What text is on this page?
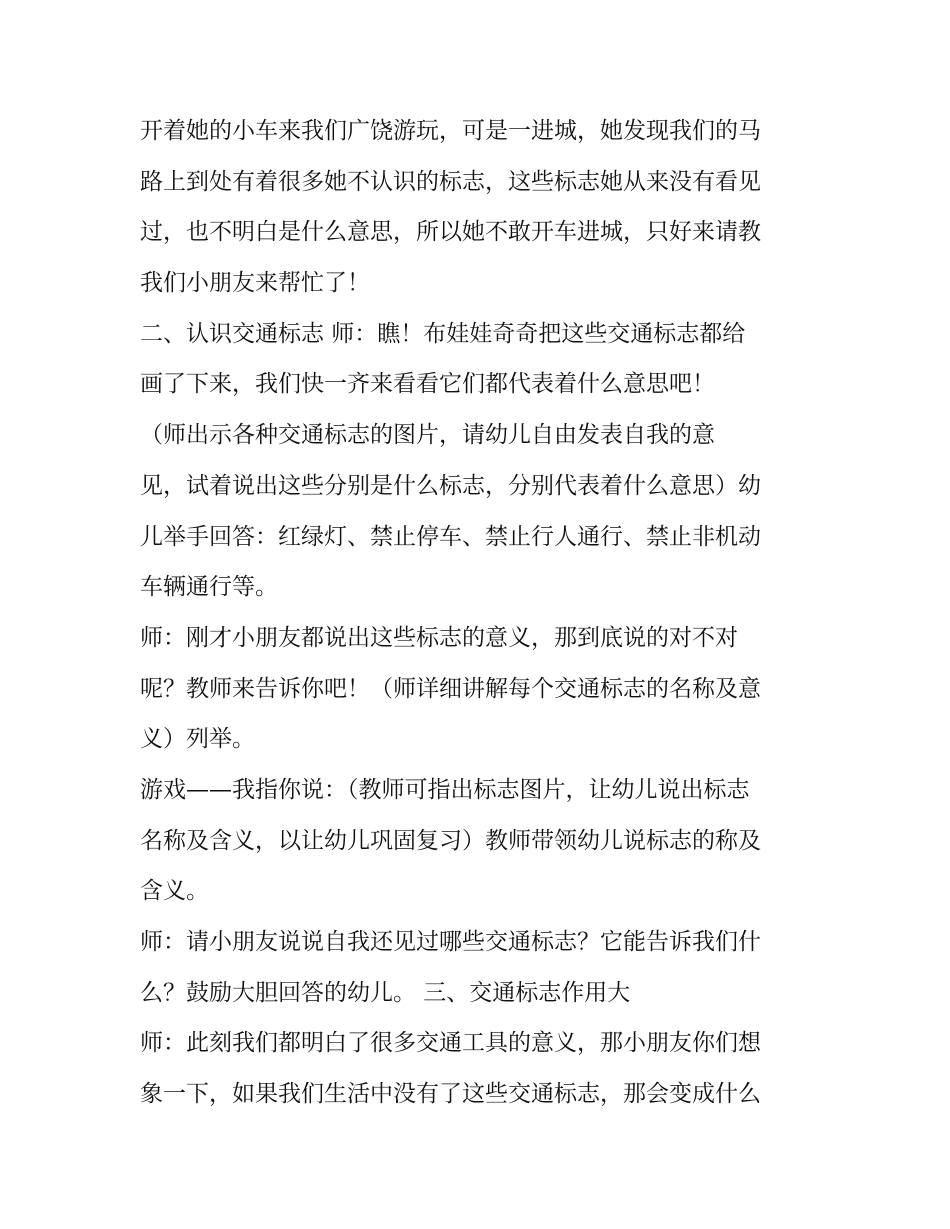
开着她的小车来我们广饶游玩，可是一进城，她发现我们的马
路上到处有着很多她不认识的标志，这些标志她从来没有看见
过，也不明白是什么意思，所以她不敢开车进城，只好来请教
我们小朋友来帮忙了！
二、认识交通标志 师：瞧！布娃娃奇奇把这些交通标志都给
画了下来，我们快一齐来看看它们都代表着什么意思吧！
（师出示各种交通标志的图片，请幼儿自由发表自我的意
见，试着说出这些分别是什么标志，分别代表着什么意思）幼
儿举手回答：红绿灯、禁止停车、禁止行人通行、禁止非机动
车辆通行等。
师：刚才小朋友都说出这些标志的意义，那到底说的对不对
呢？教师来告诉你吧！（师详细讲解每个交通标志的名称及意
义）列举。
游戏——我指你说：（教师可指出标志图片，让幼儿说出标志
名称及含义，以让幼儿巩固复习）教师带领幼儿说标志的称及
含义。
师：请小朋友说说自我还见过哪些交通标志？它能告诉我们什
么？鼓励大胆回答的幼儿。 三、交通标志作用大
师：此刻我们都明白了很多交通工具的意义，那小朋友你们想
象一下，如果我们生活中没有了这些交通标志，那会变成什么
